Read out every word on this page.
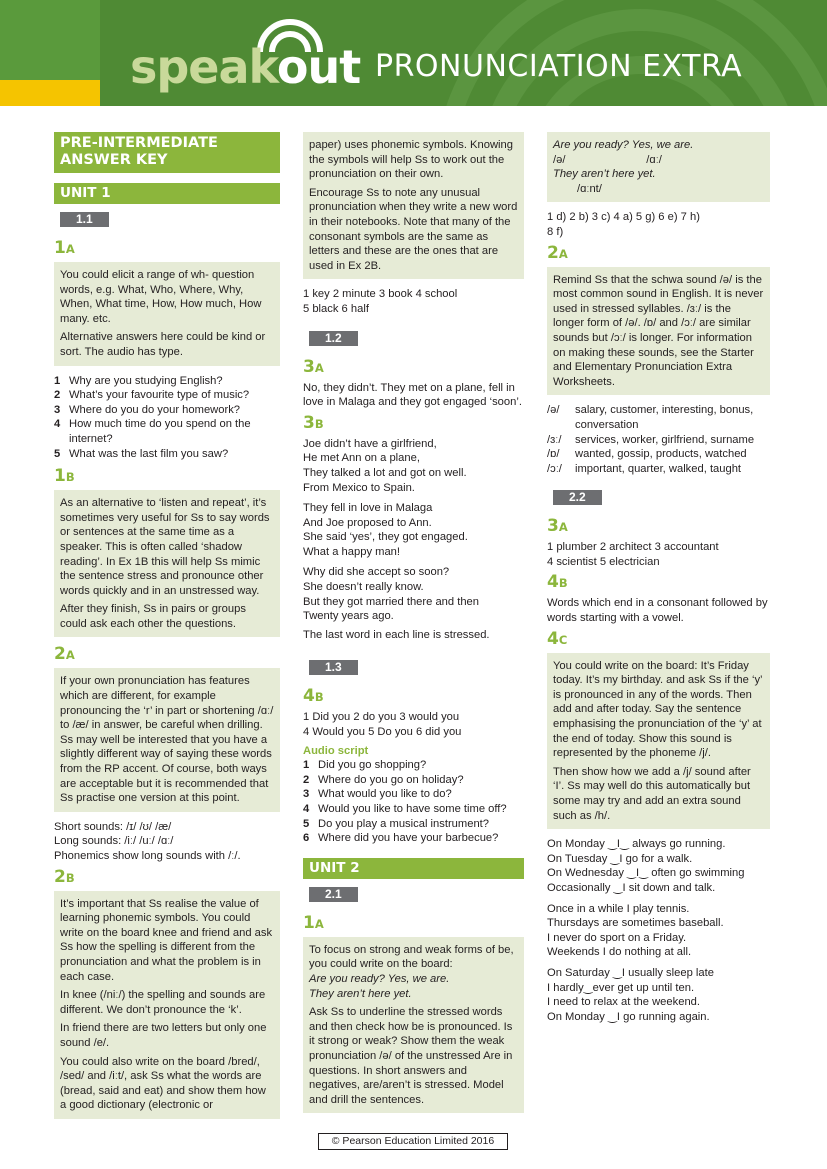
speakout PRONUNCIATION EXTRA
PRE-INTERMEDIATE ANSWER KEY
UNIT 1
1.1
1A

You could elicit a range of wh- question words, e.g. What, Who, Where, Why, When, What time, How, How much, How many. etc.

Alternative answers here could be kind or sort. The audio has type.

1 Why are you studying English?
2 What’s your favourite type of music?
3 Where do you do your homework?
4 How much time do you spend on the internet?
5 What was the last film you saw?
1B

As an alternative to ‘listen and repeat’, it’s sometimes very useful for Ss to say words or sentences at the same time as a speaker. This is often called ‘shadow reading’. In Ex 1B this will help Ss mimic the sentence stress and pronounce other words quickly and in an unstressed way.

After they finish, Ss in pairs or groups could ask each other the questions.

2A

If your own pronunciation has features which are different, for example pronouncing the ‘r’ in part or shortening /ɑː/ to /æ/ in answer, be careful when drilling. Ss may well be interested that you have a slightly different way of saying these words from the RP accent. Of course, both ways are acceptable but it is recommended that Ss practise one version at this point.

Short sounds: /ɪ/ /ʊ/ /æ/

Long sounds: /iː/ /uː/ /ɑː/

Phonemics show long sounds with /ː/.

2B

It’s important that Ss realise the value of learning phonemic symbols. You could write on the board knee and friend and ask Ss how the spelling is different from the pronunciation and what the problem is in each case.

In knee (/niː/) the spelling and sounds are different. We don’t pronounce the ‘k’.

In friend there are two letters but only one sound /e/.

You could also write on the board /bred/, /sed/ and /iːt/, ask Ss what the words are (bread, said and eat) and show them how a good dictionary (electronic or

paper) uses phonemic symbols. Knowing the symbols will help Ss to work out the pronunciation on their own.

Encourage Ss to note any unusual pronunciation when they write a new word in their notebooks. Note that many of the consonant symbols are the same as letters and these are the ones that are used in Ex 2B.

1 key 2 minute 3 book 4 school

5 black 6 half

1.2
3A

No, they didn’t. They met on a plane, fell in love in Malaga and they got engaged ‘soon’.

3B
Joe didn’t have a girlfriend,
He met Ann on a plane,
They talked a lot and got on well.
From Mexico to Spain.
They fell in love in Malaga
And Joe proposed to Ann.
She said ‘yes’, they got engaged.
What a happy man!
Why did she accept so soon?
She doesn’t really know.
But they got married there and then
Twenty years ago.

The last word in each line is stressed.

1.3
4B

1 Did you 2 do you 3 would you

4 Would you 5 Do you 6 did you

Audio script
1 Did you go shopping?
2 Where do you go on holiday?
3 What would you like to do?
4 Would you like to have some time off?
5 Do you play a musical instrument?
6 Where did you have your barbecue?
UNIT 2
2.1
1A

To focus on strong and weak forms of be, you could write on the board:

Are you ready? Yes, we are.

They aren’t here yet.

Ask Ss to underline the stressed words and then check how be is pronounced. Is it strong or weak? Show them the weak pronunciation /ə/ of the unstressed Are in questions. In short answers and negatives, are/aren’t is stressed. Model and drill the sentences.

Are you ready? Yes, we are.

/ə/                          /ɑː/

They aren’t here yet.

/ɑːnt/

1 d) 2 b) 3 c) 4 a) 5 g) 6 e) 7 h)

8 f)

2A

Remind Ss that the schwa sound /ə/ is the most common sound in English. It is never used in stressed syllables. /ɜː/ is the longer form of /ə/. /ɒ/ and /ɔː/ are similar sounds but /ɔː/ is longer. For information on making these sounds, see the Starter and Elementary Pronunciation Extra Worksheets.

/ə/	salary, customer, interesting, bonus, conversation
/ɜː/	services, worker, girlfriend, surname
/ɒ/	wanted, gossip, products, watched
/ɔː/	important, quarter, walked, taught
2.2
3A

1 plumber 2 architect 3 accountant

4 scientist 5 electrician

4B

Words which end in a consonant followed by words starting with a vowel.

4C

You could write on the board: It’s Friday today. It’s my birthday. and ask Ss if the ‘y’ is pronounced in any of the words. Then add and after today. Say the sentence emphasising the pronunciation of the ‘y’ at the end of today. Show this sound is represented by the phoneme /j/.

Then show how we add a /j/ sound after ‘I’. Ss may well do this automatically but some may try and add an extra sound such as /h/.

On Monday ‿I‿ always go running.
On Tuesday ‿I go for a walk.
On Wednesday ‿I‿ often go swimming
Occasionally ‿I sit down and talk.
Once in a while I play tennis.
Thursdays are sometimes baseball.
I never do sport on a Friday.
Weekends I do nothing at all.
On Saturday ‿I usually sleep late
I hardly‿ever get up until ten.
I need to relax at the weekend.
On Monday ‿I go running again.
© Pearson Education Limited 2016
